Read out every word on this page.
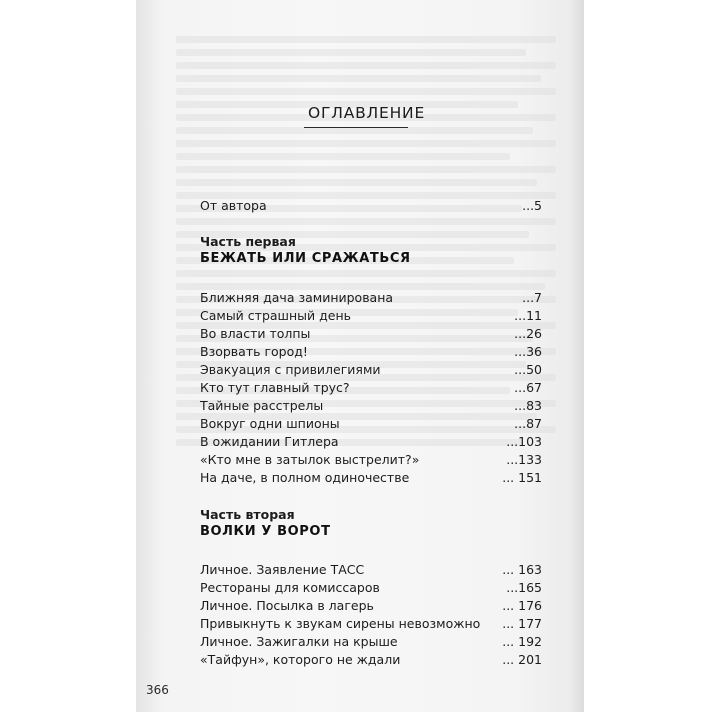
ОГЛАВЛЕНИЕ
От автора	...5
Часть первая
БЕЖАТЬ ИЛИ СРАЖАТЬСЯ
Ближняя дача заминирована	...7
Самый страшный день	...11
Во власти толпы	...26
Взорвать город!	...36
Эвакуация с привилегиями	...50
Кто тут главный трус?	...67
Тайные расстрелы	...83
Вокруг одни шпионы	...87
В ожидании Гитлера	...103
«Кто мне в затылок выстрелит?»	...133
На даче, в полном одиночестве	... 151
Часть вторая
ВОЛКИ У ВОРОТ
Личное. Заявление ТАСС	... 163
Рестораны для комиссаров	...165
Личное. Посылка в лагерь	... 176
Привыкнуть к звукам сирены невозможно ... 177
Личное. Зажигалки на крыше	... 192
«Тайфун», которого не ждали	... 201
366
